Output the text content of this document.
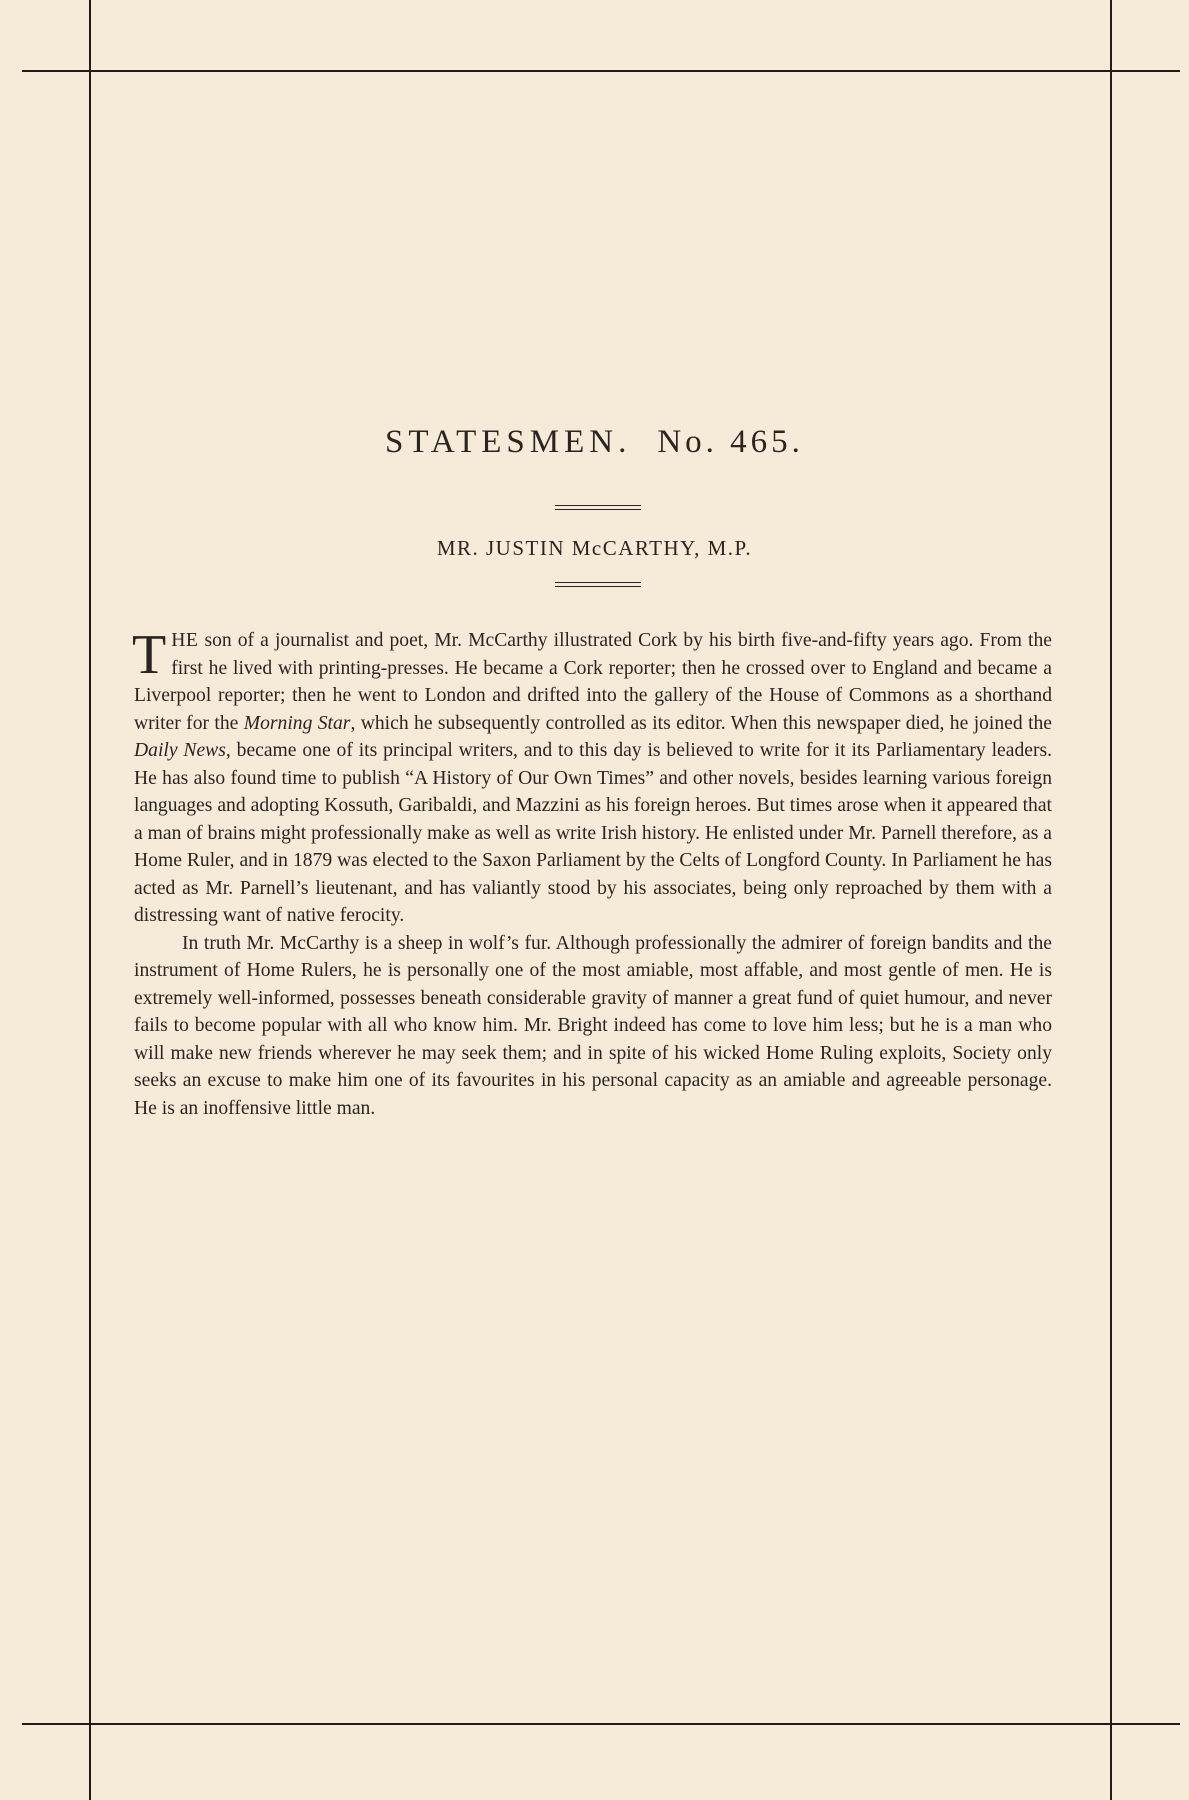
STATESMEN. No. 465.
MR. JUSTIN McCARTHY, M.P.

THE son of a journalist and poet, Mr. McCarthy illustrated Cork by his birth five-and-fifty years ago. From the first he lived with printing-presses. He became a Cork reporter; then he crossed over to England and became a Liverpool reporter; then he went to London and drifted into the gallery of the House of Commons as a shorthand writer for the Morning Star, which he subsequently controlled as its editor. When this newspaper died, he joined the Daily News, became one of its principal writers, and to this day is believed to write for it its Parliamentary leaders. He has also found time to publish “A History of Our Own Times” and other novels, besides learning various foreign languages and adopting Kossuth, Garibaldi, and Mazzini as his foreign heroes. But times arose when it appeared that a man of brains might professionally make as well as write Irish history. He enlisted under Mr. Parnell therefore, as a Home Ruler, and in 1879 was elected to the Saxon Parliament by the Celts of Longford County. In Parliament he has acted as Mr. Parnell’s lieutenant, and has valiantly stood by his associates, being only reproached by them with a distressing want of native ferocity.

In truth Mr. McCarthy is a sheep in wolf’s fur. Although professionally the admirer of foreign bandits and the instrument of Home Rulers, he is personally one of the most amiable, most affable, and most gentle of men. He is extremely well-informed, possesses beneath considerable gravity of manner a great fund of quiet humour, and never fails to become popular with all who know him. Mr. Bright indeed has come to love him less; but he is a man who will make new friends wherever he may seek them; and in spite of his wicked Home Ruling exploits, Society only seeks an excuse to make him one of its favourites in his personal capacity as an amiable and agreeable personage. He is an inoffensive little man.
